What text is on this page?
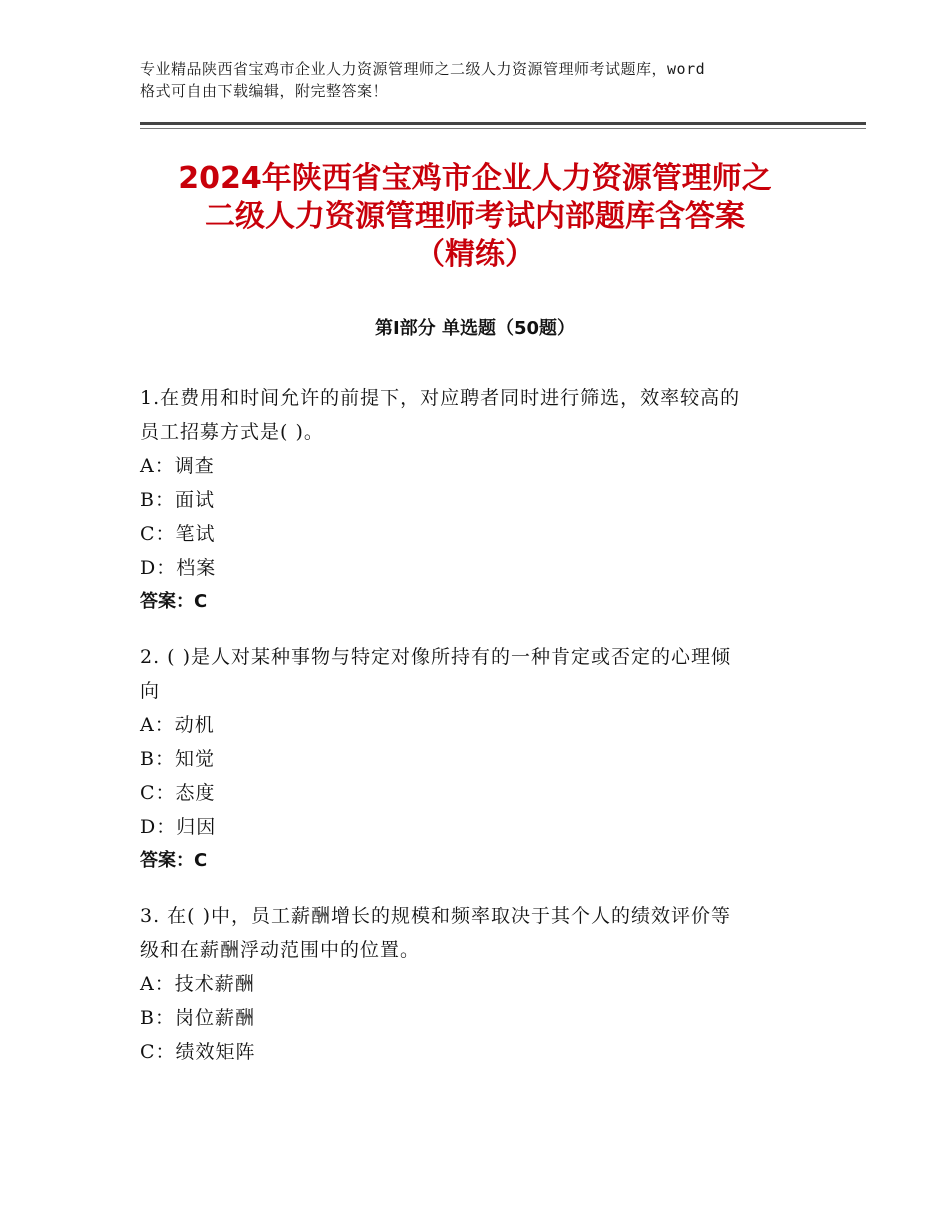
专业精品陕西省宝鸡市企业人力资源管理师之二级人力资源管理师考试题库，word
格式可自由下载编辑，附完整答案！
2024年陕西省宝鸡市企业人力资源管理师之
二级人力资源管理师考试内部题库含答案
（精练）
第Ⅰ部分 单选题（50题）
1.在费用和时间允许的前提下，对应聘者同时进行筛选，效率较高的
员工招募方式是( )。
A：调查
B：面试
C：笔试
D：档案
答案：C
2. ( )是人对某种事物与特定对像所持有的一种肯定或否定的心理倾
向
A：动机
B：知觉
C：态度
D：归因
答案：C
3. 在( )中，员工薪酬增长的规模和频率取决于其个人的绩效评价等
级和在薪酬浮动范围中的位置。
A：技术薪酬
B：岗位薪酬
C：绩效矩阵
